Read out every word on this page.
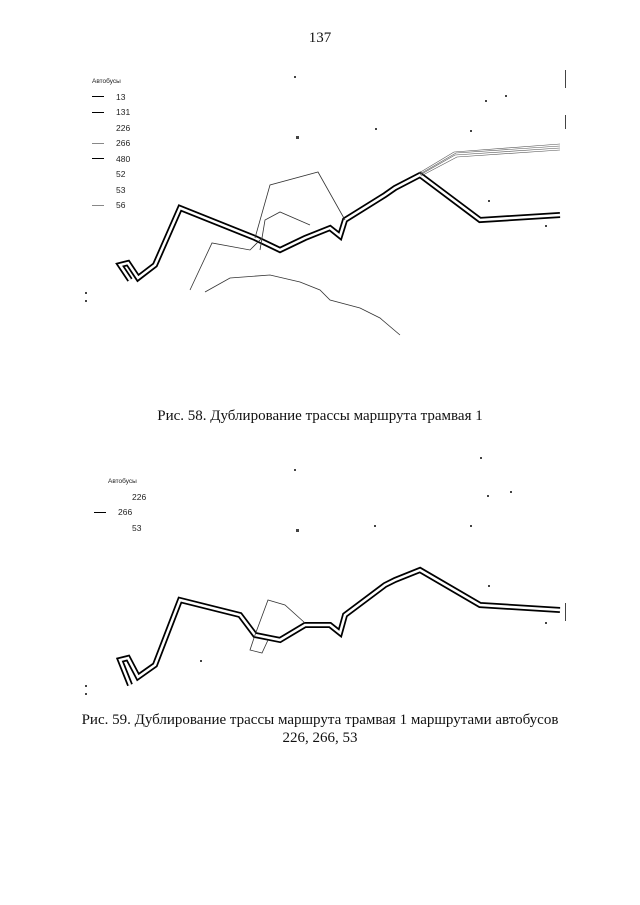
137
Автобусы
13
131
226
266
480
52
53
56
Рис. 58. Дублирование трассы маршрута трамвая 1
Автобусы
226
266
53
Рис. 59. Дублирование трассы маршрута трамвая 1 маршрутами автобусов
226, 266, 53
